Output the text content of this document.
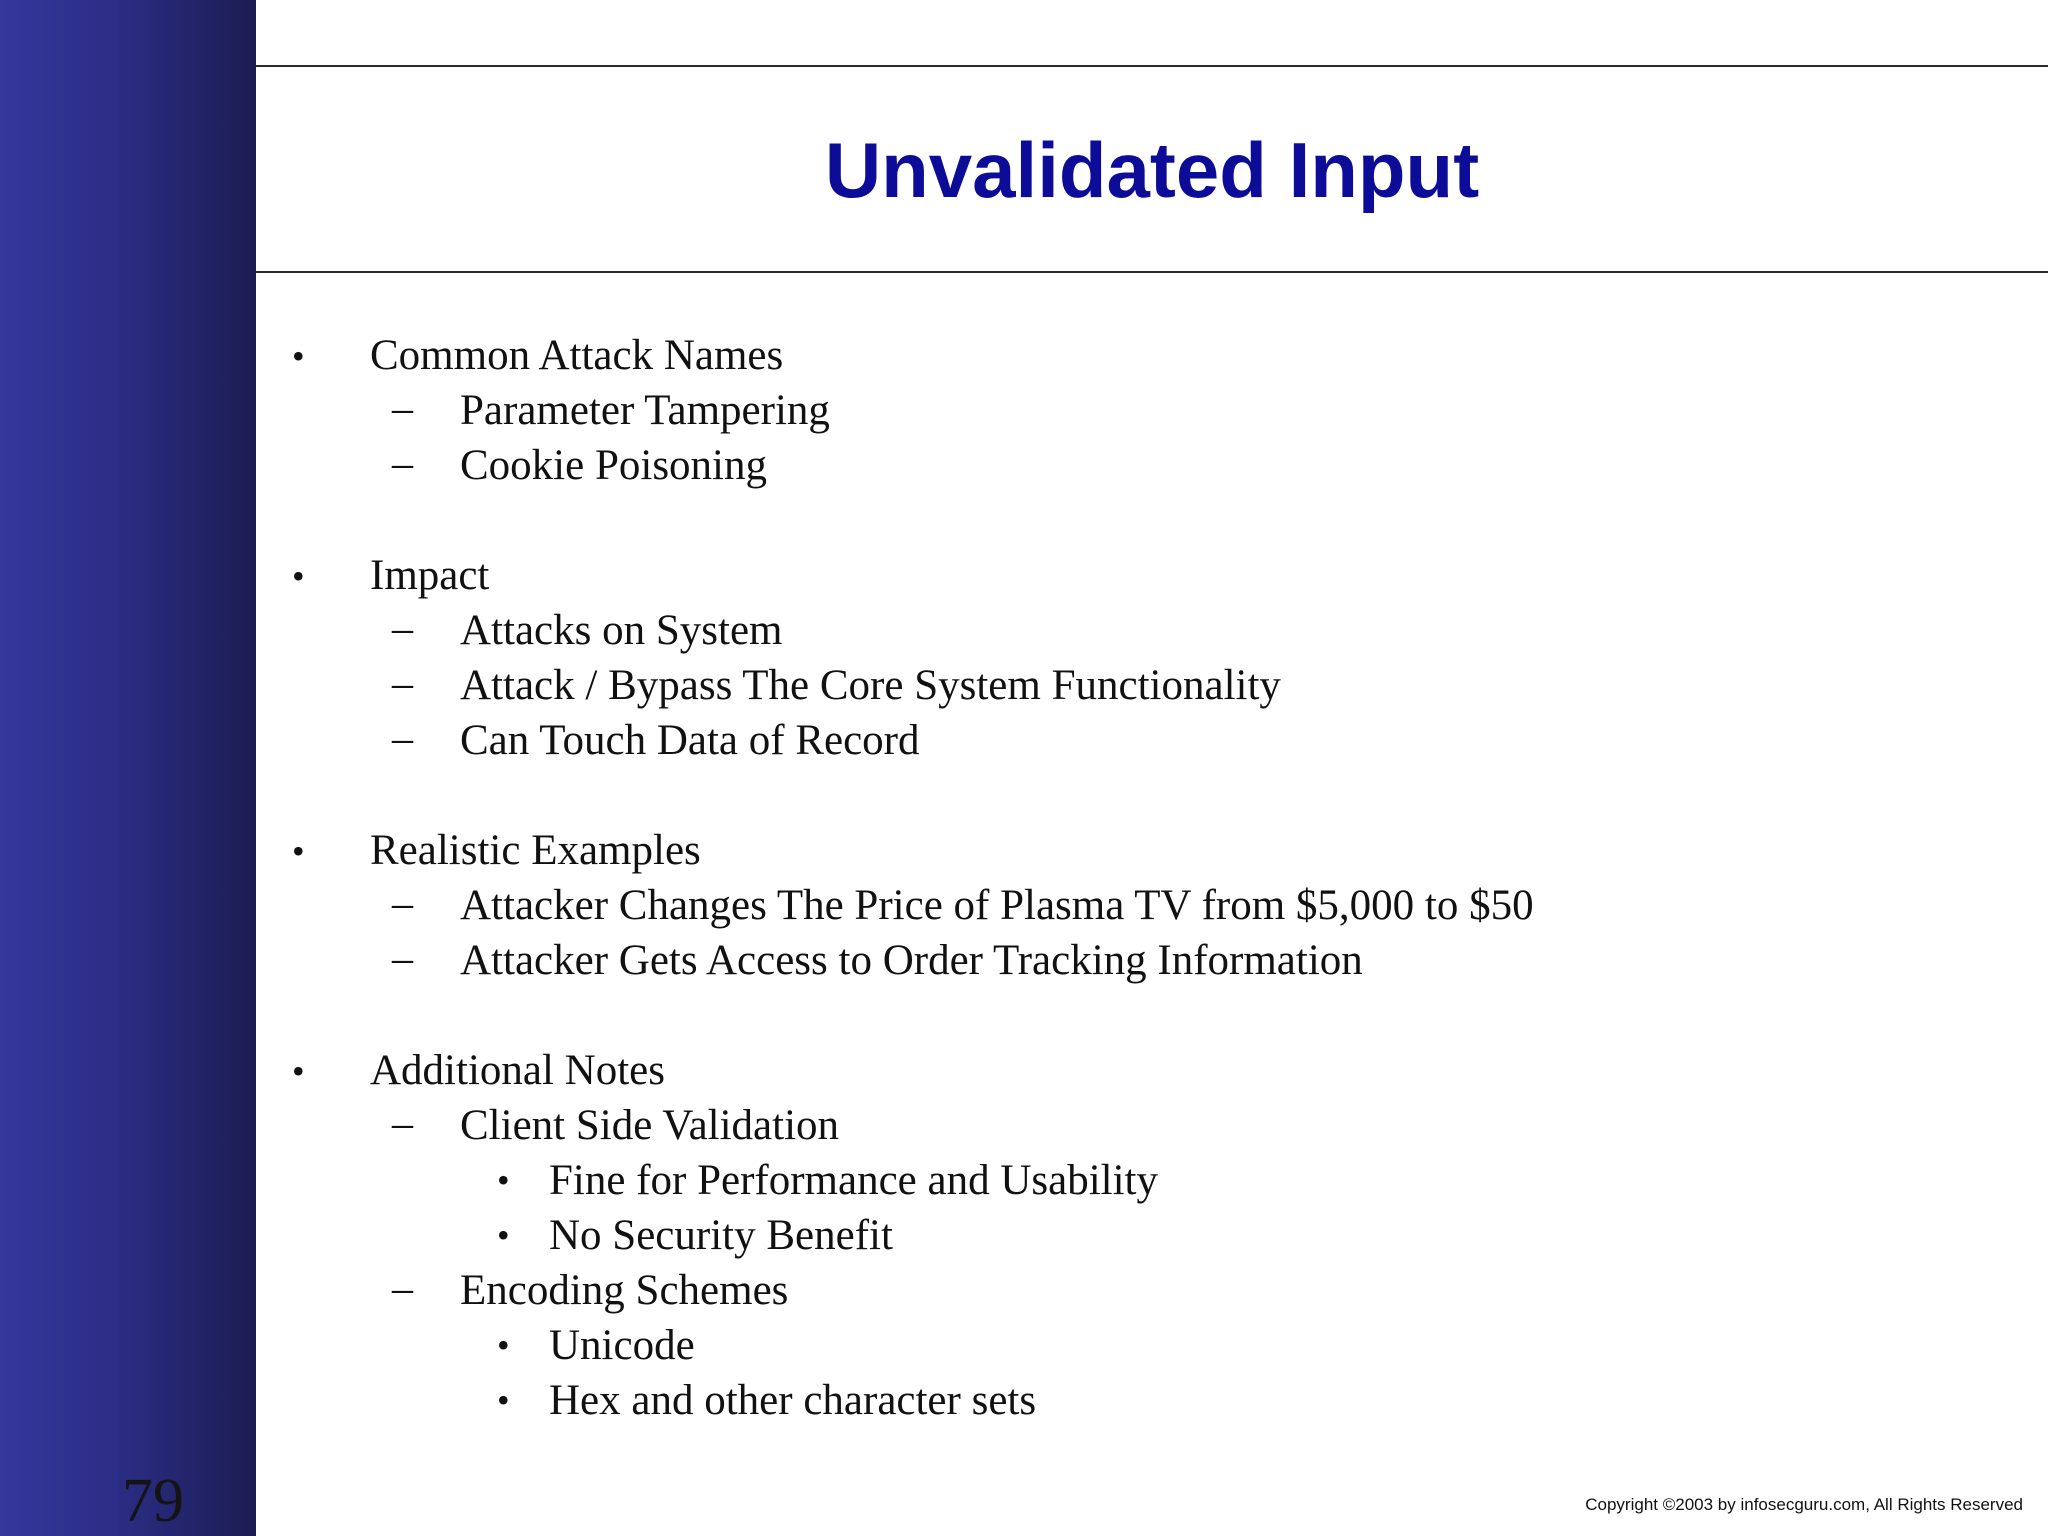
79
Unvalidated Input
• Common Attack Names
– Parameter Tampering
– Cookie Poisoning
• Impact
– Attacks on System
– Attack / Bypass The Core System Functionality
– Can Touch Data of Record
• Realistic Examples
– Attacker Changes The Price of Plasma TV from $5,000 to $50
– Attacker Gets Access to Order Tracking Information
• Additional Notes
– Client Side Validation
• Fine for Performance and Usability
• No Security Benefit
– Encoding Schemes
• Unicode
• Hex and other character sets
Copyright ©2003 by infosecguru.com, All Rights Reserved
